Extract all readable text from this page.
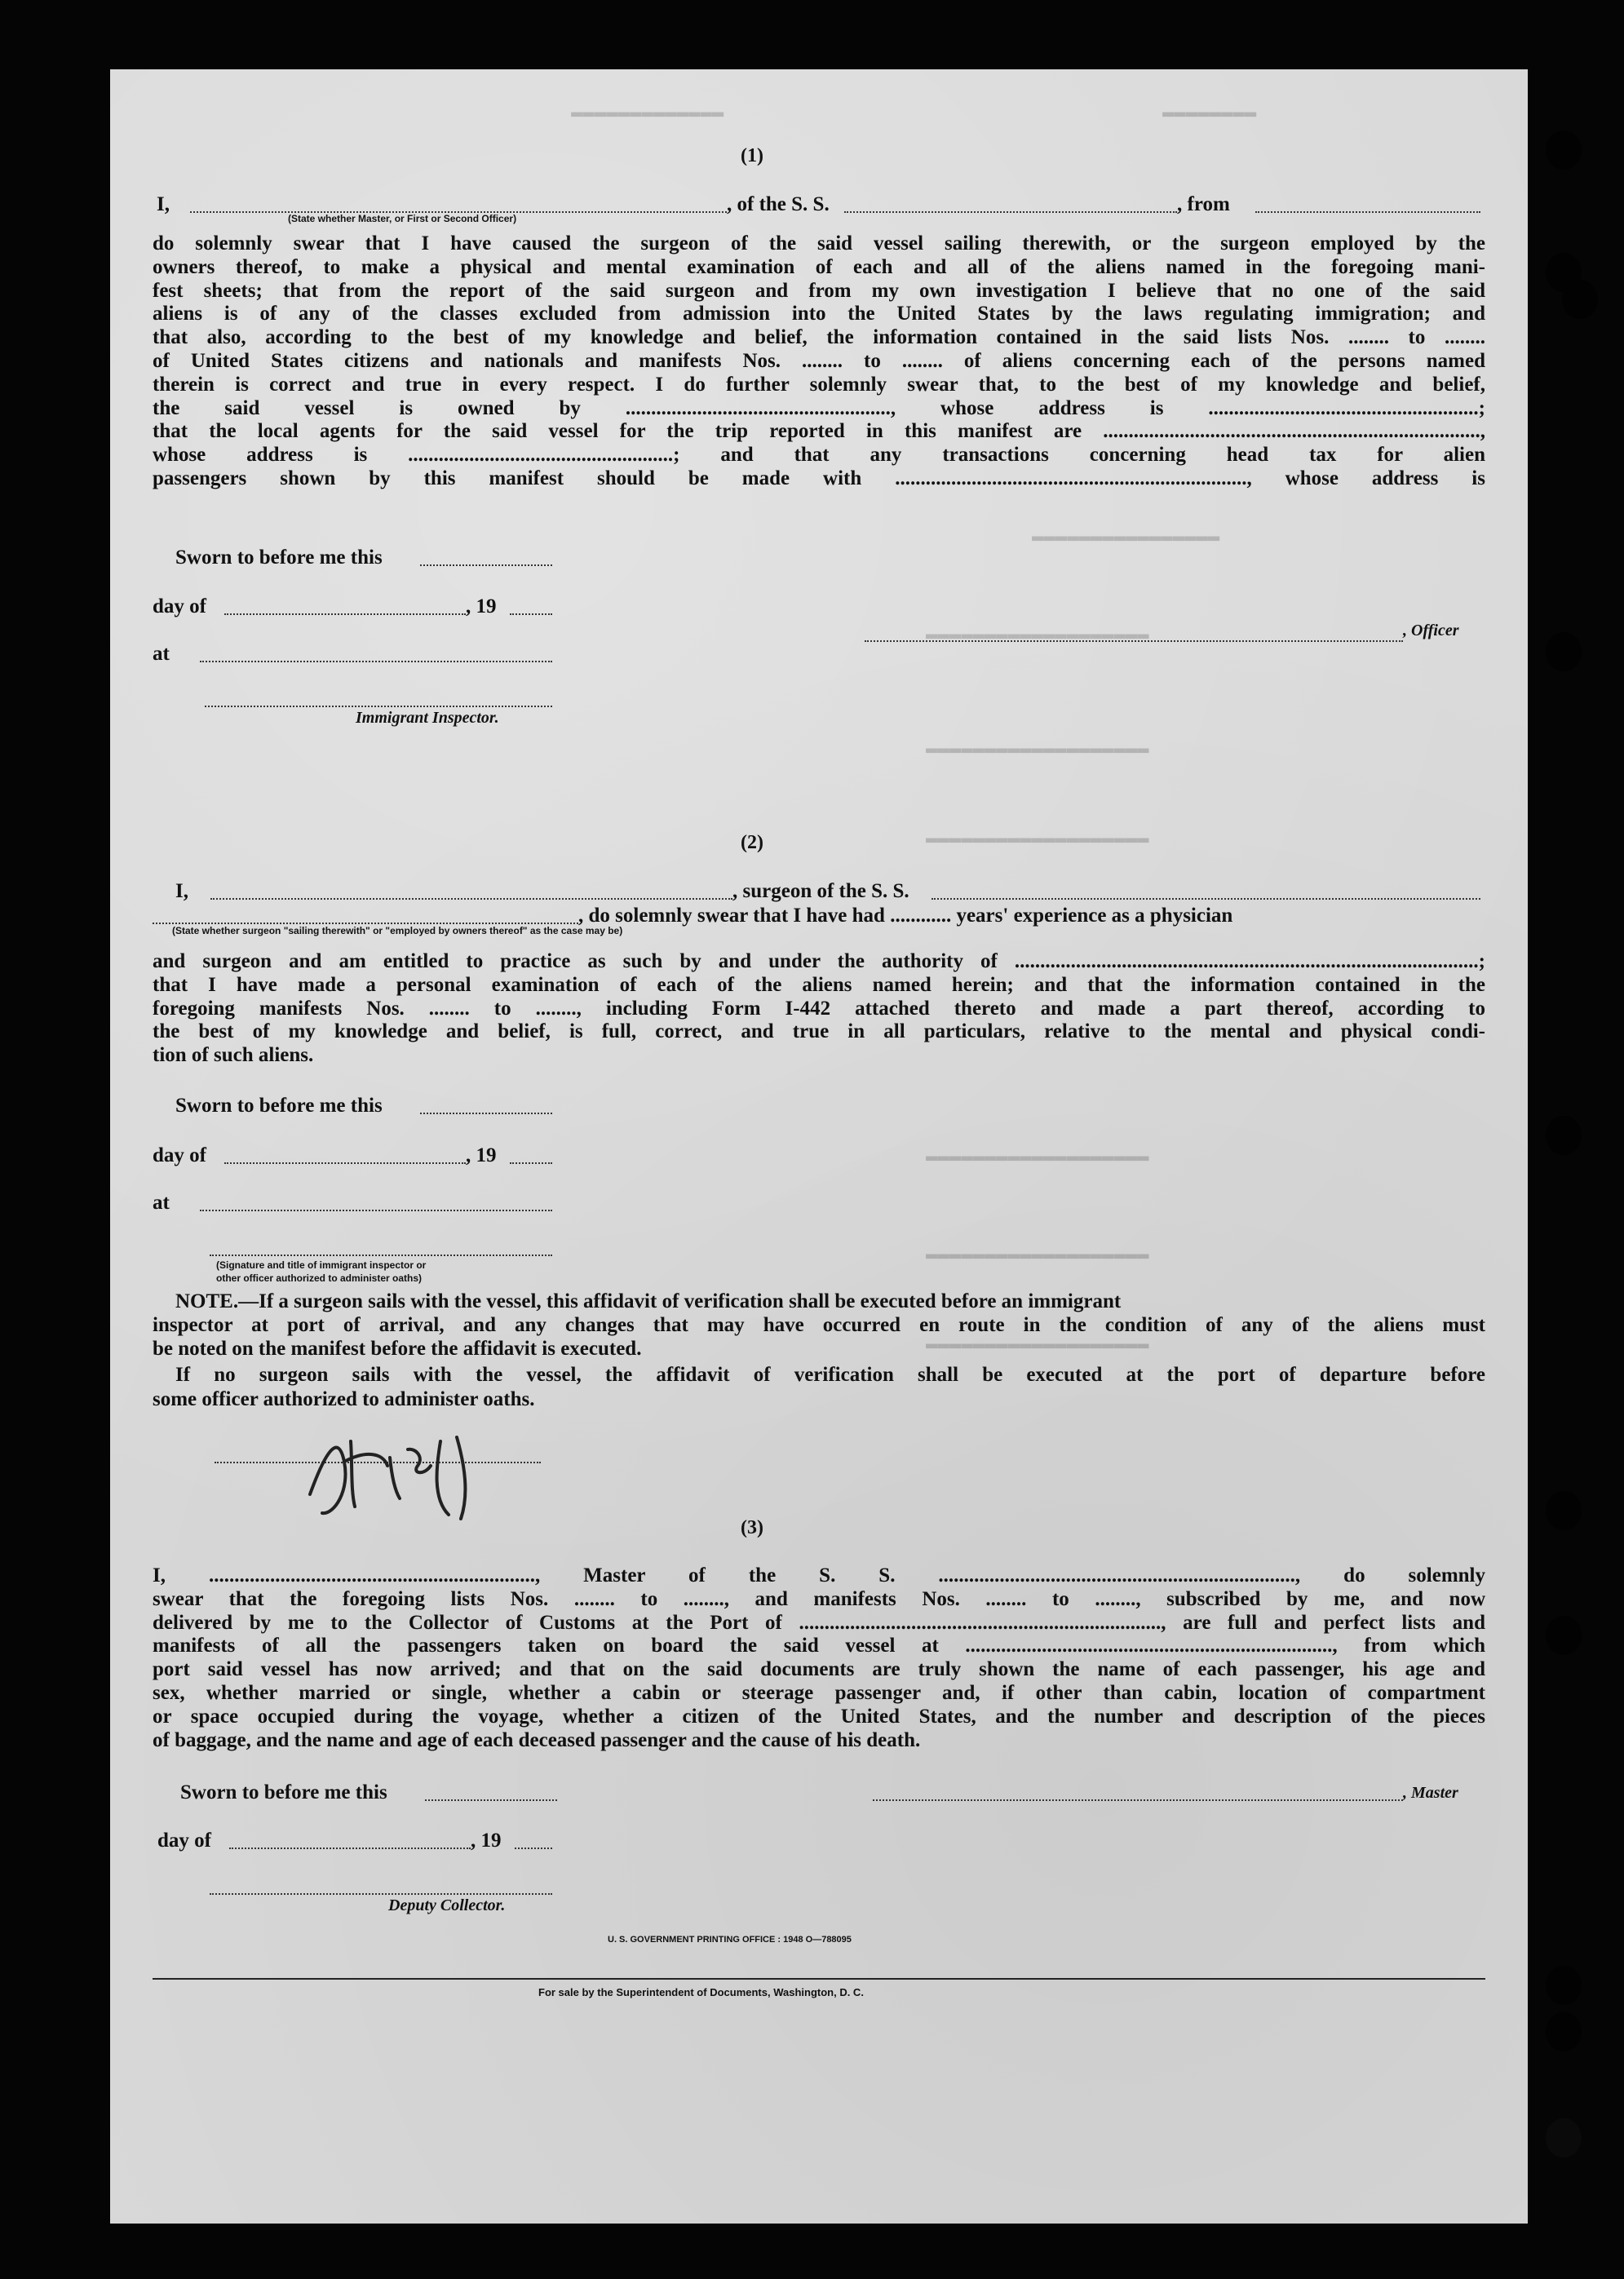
▬▬▬▬▬▬▬▬▬▬▬▬▬	▬▬▬▬▬▬▬▬
▬▬▬▬▬▬▬▬▬▬▬▬▬▬▬▬
▬▬▬▬▬▬▬▬▬▬▬▬▬▬▬▬▬▬▬
▬▬▬▬▬▬▬▬▬▬▬▬▬▬▬▬▬▬▬
▬▬▬▬▬▬▬▬▬▬▬▬▬▬▬▬▬▬▬
▬▬▬▬▬▬▬▬▬▬▬▬▬▬▬▬▬▬▬
▬▬▬▬▬▬▬▬▬▬▬▬▬▬▬▬▬▬▬
▬▬▬▬▬▬▬▬▬▬▬▬▬▬▬▬▬▬▬
(1)
I,	, of the S. S.	, from
(State whether Master, or First or Second Officer)
do solemnly swear that I have caused the surgeon of the said vessel sailing therewith, or the surgeon employed by the
owners thereof, to make a physical and mental examination of each and all of the aliens named in the foregoing mani-
fest sheets; that from the report of the said surgeon and from my own investigation I believe that no one of the said
aliens is of any of the classes excluded from admission into the United States by the laws regulating immigration; and
that also, according to the best of my knowledge and belief, the information contained in the said lists Nos. ........ to ........
of United States citizens and nationals and manifests Nos. ........ to ........ of aliens concerning each of the persons named
therein is correct and true in every respect. I do further solemnly swear that, to the best of my knowledge and belief,
the said vessel is owned by ...................................................., whose address is .....................................................;
that the local agents for the said vessel for the trip reported in this manifest are ..........................................................................,
whose address is ....................................................; and that any transactions concerning head tax for alien
passengers shown by this manifest should be made with ....................................................................., whose address is
Sworn to before me this
day of	, 19
at
Immigrant Inspector.
, Officer
(2)
I,	, surgeon of the S. S.
, do solemnly swear that I have had ............ years' experience as a physician
(State whether surgeon "sailing therewith" or "employed by owners thereof" as the case may be)
and surgeon and am entitled to practice as such by and under the authority of ...........................................................................................;
that I have made a personal examination of each of the aliens named herein; and that the information contained in the
foregoing manifests Nos. ........ to ........, including Form I-442 attached thereto and made a part thereof, according to
the best of my knowledge and belief, is full, correct, and true in all particulars, relative to the mental and physical condi-
tion of such aliens.
Sworn to before me this
day of	, 19
at
(Signature and title of immigrant inspector or
other officer authorized to administer oaths)
NOTE.—If a surgeon sails with the vessel, this affidavit of verification shall be executed before an immigrant
inspector at port of arrival, and any changes that may have occurred en route in the condition of any of the aliens must
be noted on the manifest before the affidavit is executed.
If no surgeon sails with the vessel, the affidavit of verification shall be executed at the port of departure before
some officer authorized to administer oaths.
(3)
I, ................................................................, Master of the S. S. ......................................................................, do solemnly
swear that the foregoing lists Nos. ........ to ........, and manifests Nos. ........ to ........, subscribed by me, and now
delivered by me to the Collector of Customs at the Port of ......................................................................., are full and perfect lists and
manifests of all the passengers taken on board the said vessel at ........................................................................, from which
port said vessel has now arrived; and that on the said documents are truly shown the name of each passenger, his age and
sex, whether married or single, whether a cabin or steerage passenger and, if other than cabin, location of compartment
or space occupied during the voyage, whether a citizen of the United States, and the number and description of the pieces
of baggage, and the name and age of each deceased passenger and the cause of his death.
Sworn to before me this	, Master
day of	, 19
Deputy Collector.
U. S. GOVERNMENT PRINTING OFFICE : 1948 O—788095
For sale by the Superintendent of Documents, Washington, D. C.
